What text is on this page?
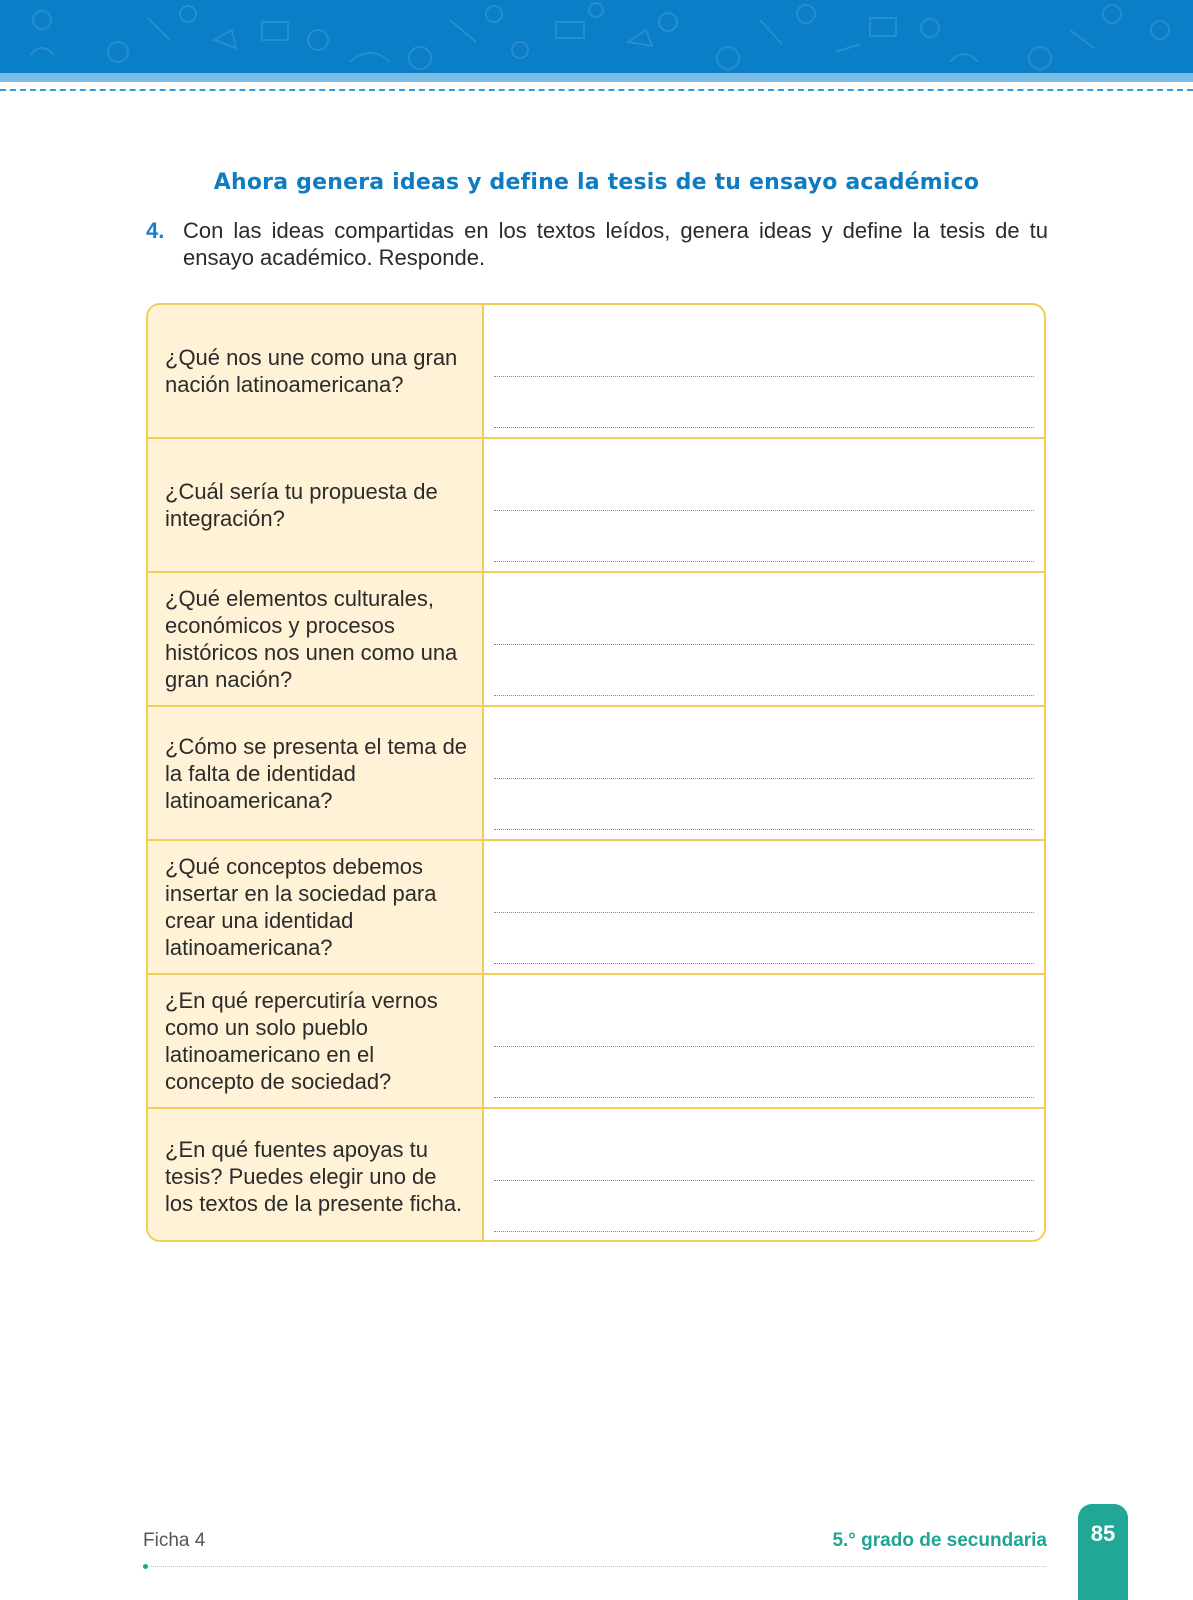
Ahora genera ideas y define la tesis de tu ensayo académico
4. Con las ideas compartidas en los textos leídos, genera ideas y define la tesis de tu ensayo académico. Responde.
¿Qué nos une como una gran nación latinoamericana?
¿Cuál sería tu propuesta de integración?
¿Qué elementos culturales, económicos y procesos históricos nos unen como una gran nación?
¿Cómo se presenta el tema de la falta de identidad latinoamericana?
¿Qué conceptos debemos insertar en la sociedad para crear una identidad latinoamericana?
¿En qué repercutiría vernos como un solo pueblo latinoamericano en el concepto de sociedad?
¿En qué fuentes apoyas tu tesis? Puedes elegir uno de los textos de la presente ficha.
Ficha 4	5.° grado de secundaria	85
